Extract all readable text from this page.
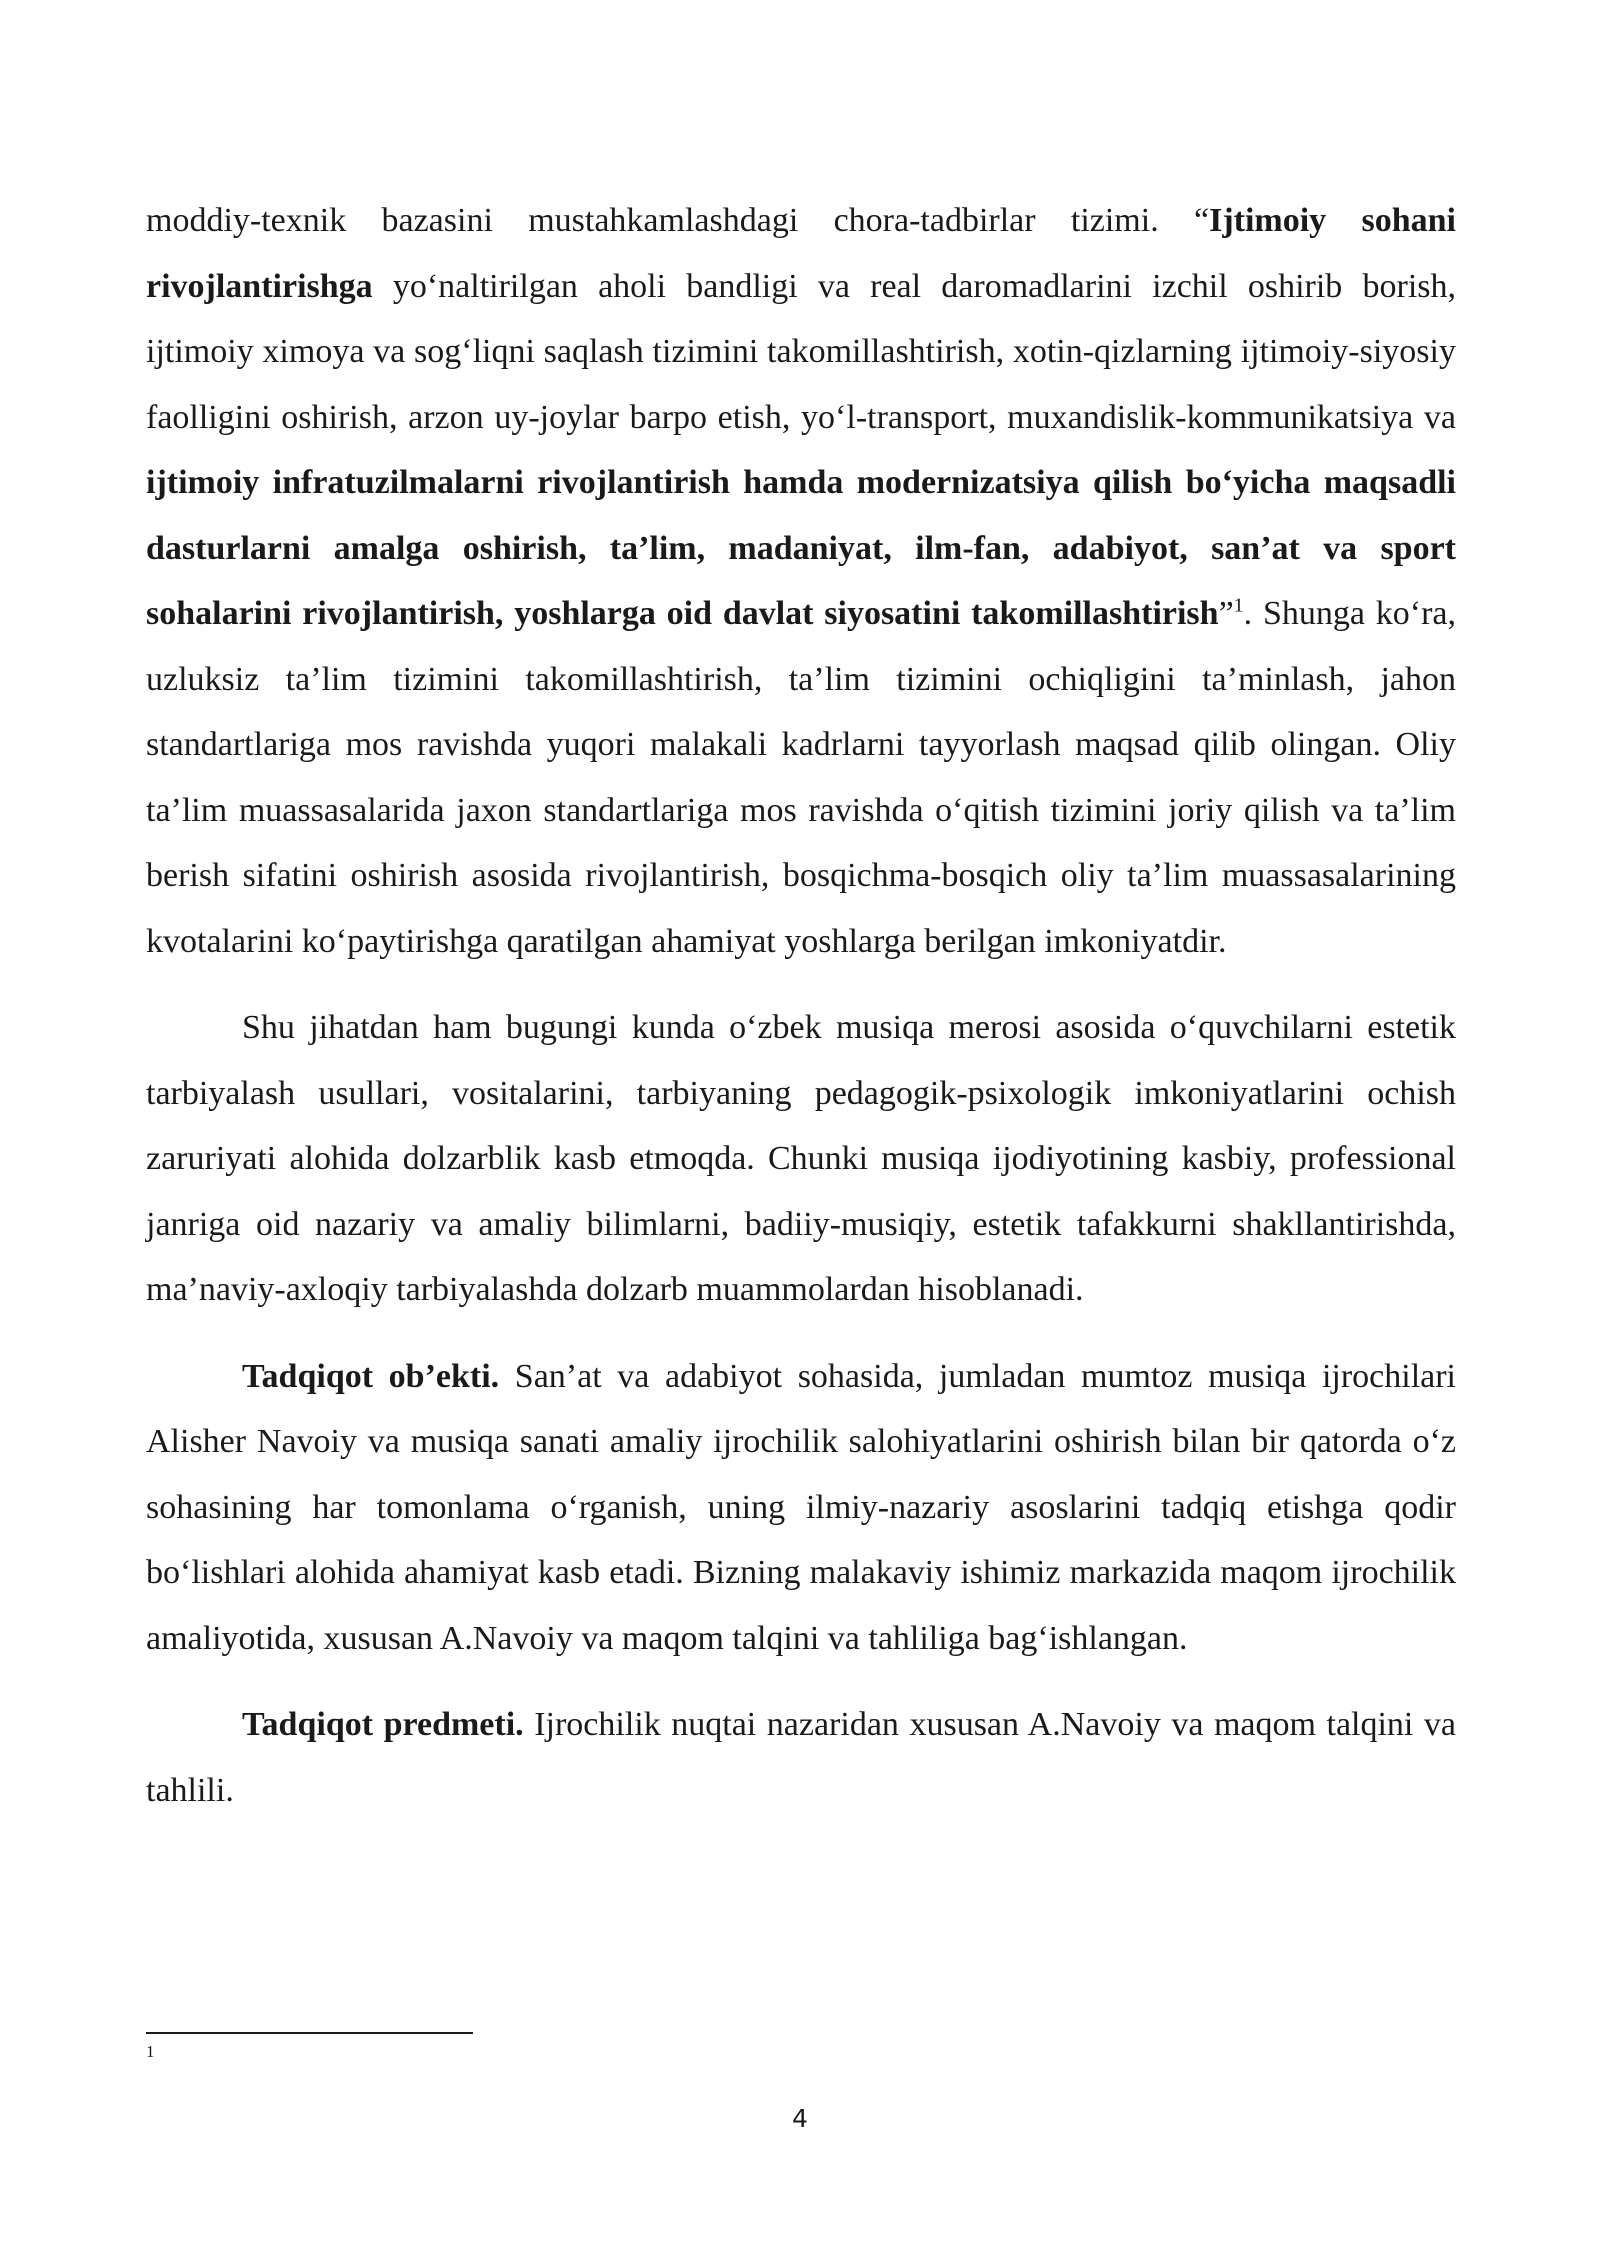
moddiy-texnik bazasini mustahkamlashdagi chora-tadbirlar tizimi. “Ijtimoiy sohani rivojlantirishga yo‘naltirilgan aholi bandligi va real daromadlarini izchil oshirib borish, ijtimoiy ximoya va sog‘liqni saqlash tizimini takomillashtirish, xotin-qizlarning ijtimoiy-siyosiy faolligini oshirish, arzon uy-joylar barpo etish, yo‘l-transport, muxandislik-kommunikatsiya va ijtimoiy infratuzilmalarni rivojlantirish hamda modernizatsiya qilish bo‘yicha maqsadli dasturlarni amalga oshirish, ta’lim, madaniyat, ilm-fan, adabiyot, san’at va sport sohalarini rivojlantirish, yoshlarga oid davlat siyosatini takomillashtirish”$^1$. Shunga ko‘ra, uzluksiz ta’lim tizimini takomillashtirish, ta’lim tizimini ochiqligini ta’minlash, jahon standartlariga mos ravishda yuqori malakali kadrlarni tayyorlash maqsad qilib olingan. Oliy ta’lim muassasalarida jaxon standartlariga mos ravishda o‘qitish tizimini joriy qilish va ta’lim berish sifatini oshirish asosida rivojlantirish, bosqichma-bosqich oliy ta’lim muassasalarining kvotalarini ko‘paytirishga qaratilgan ahamiyat yoshlarga berilgan imkoniyatdir.

Shu jihatdan ham bugungi kunda o‘zbek musiqa merosi asosida o‘quvchilarni estetik tarbiyalash usullari, vositalarini, tarbiyaning pedagogik-psixologik imkoniyatlarini ochish zaruriyati alohida dolzarblik kasb etmoqda. Chunki musiqa ijodiyotining kasbiy, professional janriga oid nazariy va amaliy bilimlarni, badiiy-musiqiy, estetik tafakkurni shakllantirishda, ma’naviy-axloqiy tarbiyalashda dolzarb muammolardan hisoblanadi.

Tadqiqot ob’ekti. San’at va adabiyot sohasida, jumladan mumtoz musiqa ijrochilari Alisher Navoiy va musiqa sanati amaliy ijrochilik salohiyatlarini oshirish bilan bir qatorda o‘z sohasining har tomonlama o‘rganish, uning ilmiy-nazariy asoslarini tadqiq etishga qodir bo‘lishlari alohida ahamiyat kasb etadi. Bizning malakaviy ishimiz markazida maqom ijrochilik amaliyotida, xususan A.Navoiy va maqom talqini va tahliliga bag‘ishlangan.

Tadqiqot predmeti. Ijrochilik nuqtai nazaridan xususan A.Navoiy va maqom talqini va tahlili.

1
4
